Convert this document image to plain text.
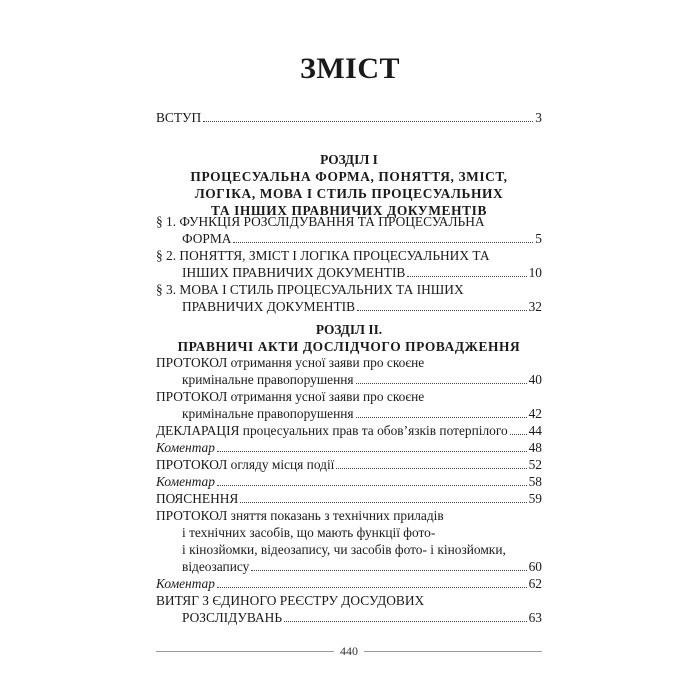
ЗМІСТ
ВСТУП	3
РОЗДІЛ І
ПРОЦЕСУАЛЬНА ФОРМА, ПОНЯТТЯ, ЗМІСТ,
ЛОГІКА, МОВА І СТИЛЬ ПРОЦЕСУАЛЬНИХ
ТА ІНШИХ ПРАВНИЧИХ ДОКУМЕНТІВ
§ 1. ФУНКЦІЯ РОЗСЛІДУВАННЯ ТА ПРОЦЕСУАЛЬНА
ФОРМА	5
§ 2. ПОНЯТТЯ, ЗМІСТ І ЛОГІКА ПРОЦЕСУАЛЬНИХ ТА
ІНШИХ ПРАВНИЧИХ ДОКУМЕНТІВ	10
§ 3. МОВА І СТИЛЬ ПРОЦЕСУАЛЬНИХ ТА ІНШИХ
ПРАВНИЧИХ ДОКУМЕНТІВ	32
РОЗДІЛ ІІ.
ПРАВНИЧІ АКТИ ДОСЛІДЧОГО ПРОВАДЖЕННЯ
ПРОТОКОЛ отримання усної заяви про скоєне
кримінальне правопорушення	40
ПРОТОКОЛ отримання усної заяви про скоєне
кримінальне правопорушення	42
ДЕКЛАРАЦІЯ процесуальних прав та обов’язків потерпілого 44
Коментар	48
ПРОТОКОЛ огляду місця події	52
Коментар	58
ПОЯСНЕННЯ	59
ПРОТОКОЛ зняття показань з технічних приладів
і технічних засобів, що мають функції фото-
і кінозйомки, відеозапису, чи засобів фото- і кінозйомки,
відеозапису	60
Коментар	62
ВИТЯГ З ЄДИНОГО РЕЄСТРУ ДОСУДОВИХ
РОЗСЛІДУВАНЬ	63
440
